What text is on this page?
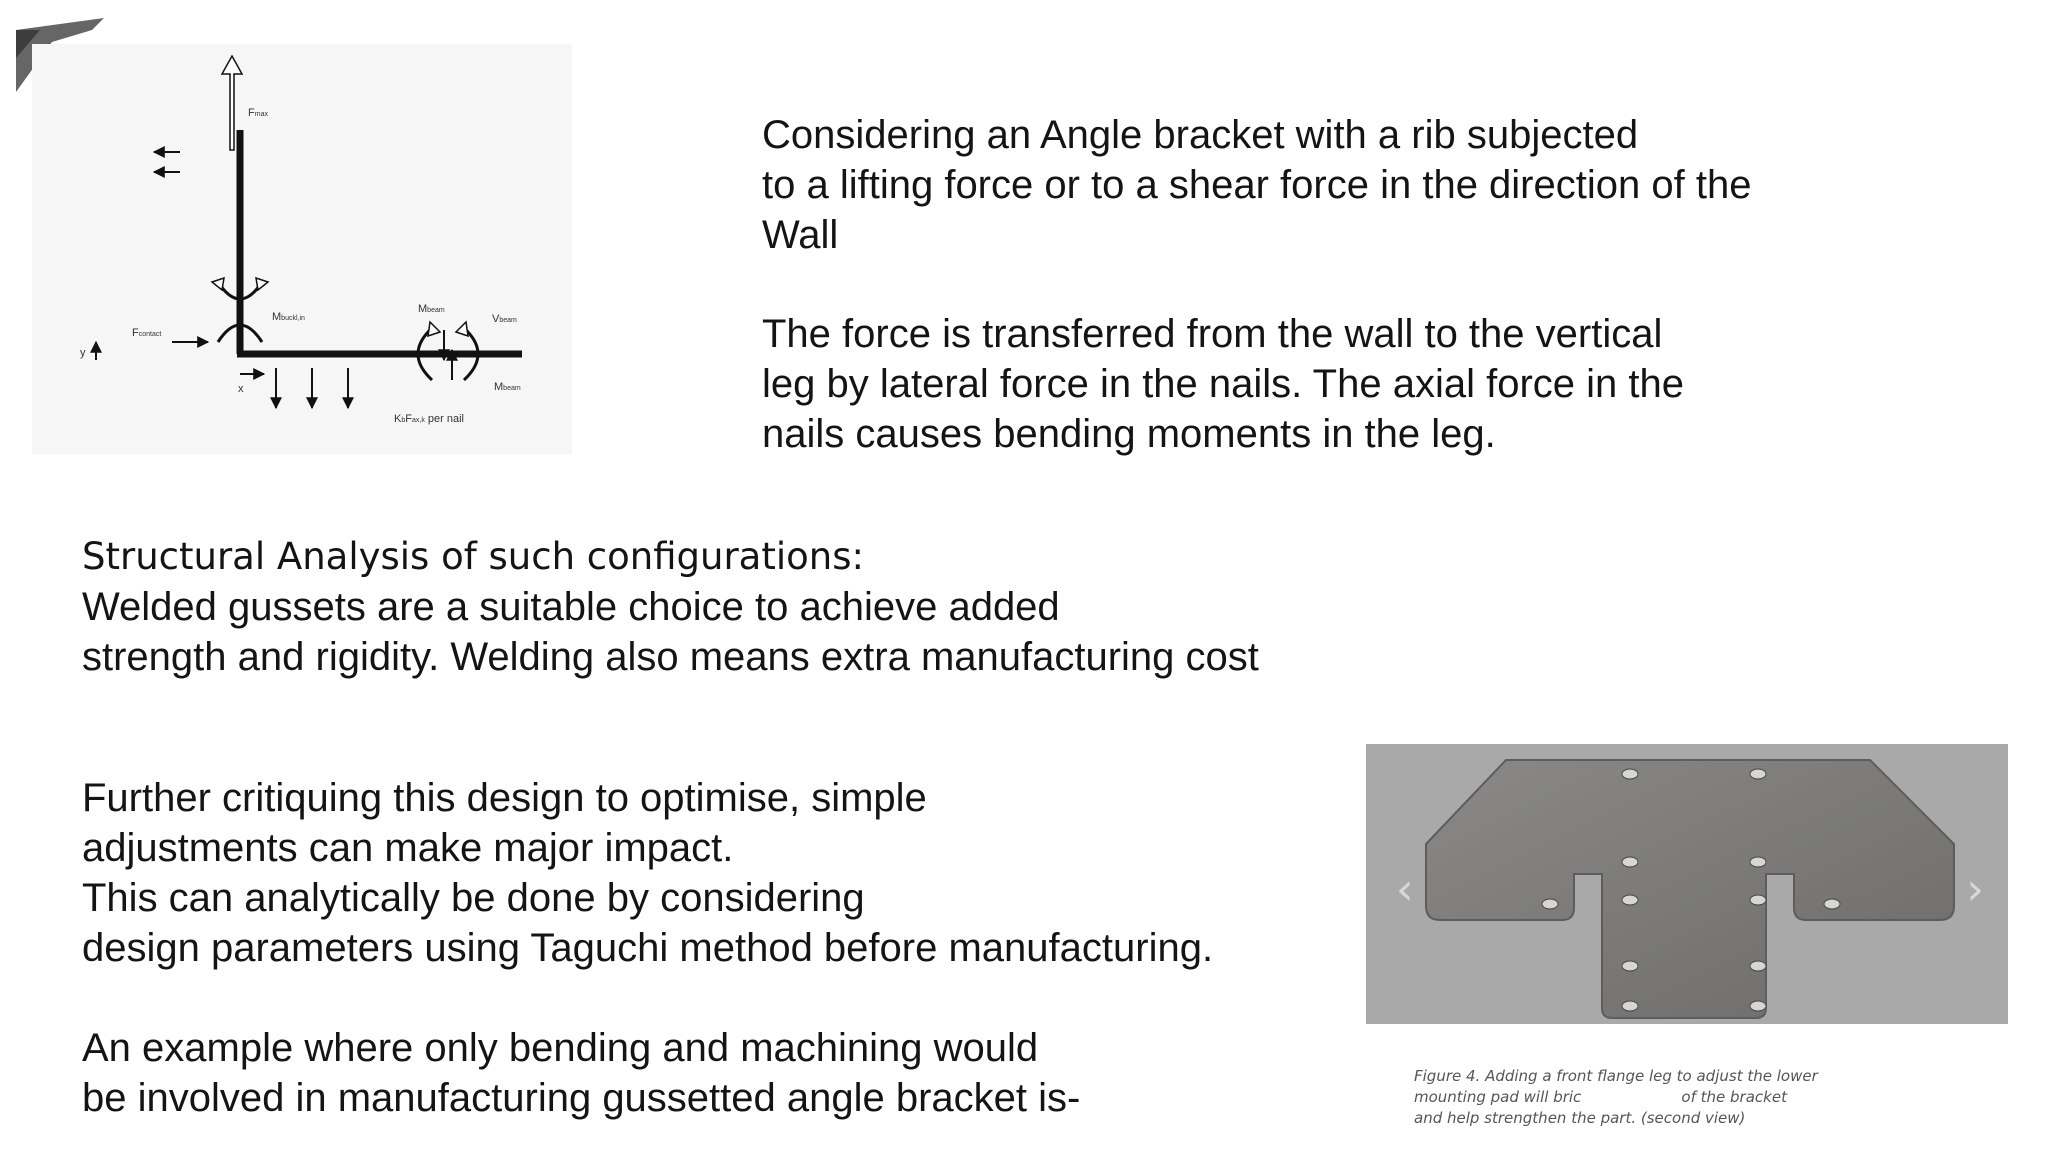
Fmax
Mbuckl,in
Fcontact
y
x
Mbeam
Vbeam
Mbeam
KbFax,k per nail

Considering an Angle bracket with a rib subjected
to a lifting force or to a shear force in the direction of the
Wall

The force is transferred from the wall to the vertical
leg by lateral force in the nails. The axial force in the
nails causes bending moments in the leg.

Structural Analysis of such configurations:
Welded gussets are a suitable choice to achieve added
strength and rigidity. Welding also means extra manufacturing cost

Further critiquing this design to optimise, simple
adjustments can make major impact.
This can analytically be done by considering
design parameters using Taguchi method before manufacturing.

An example where only bending and machining would
be involved in manufacturing gussetted angle bracket is-

‹	›
Figure 4. Adding a front flange leg to adjust the lower
mounting pad will bric                     of the bracket
and help strengthen the part. (second view)
